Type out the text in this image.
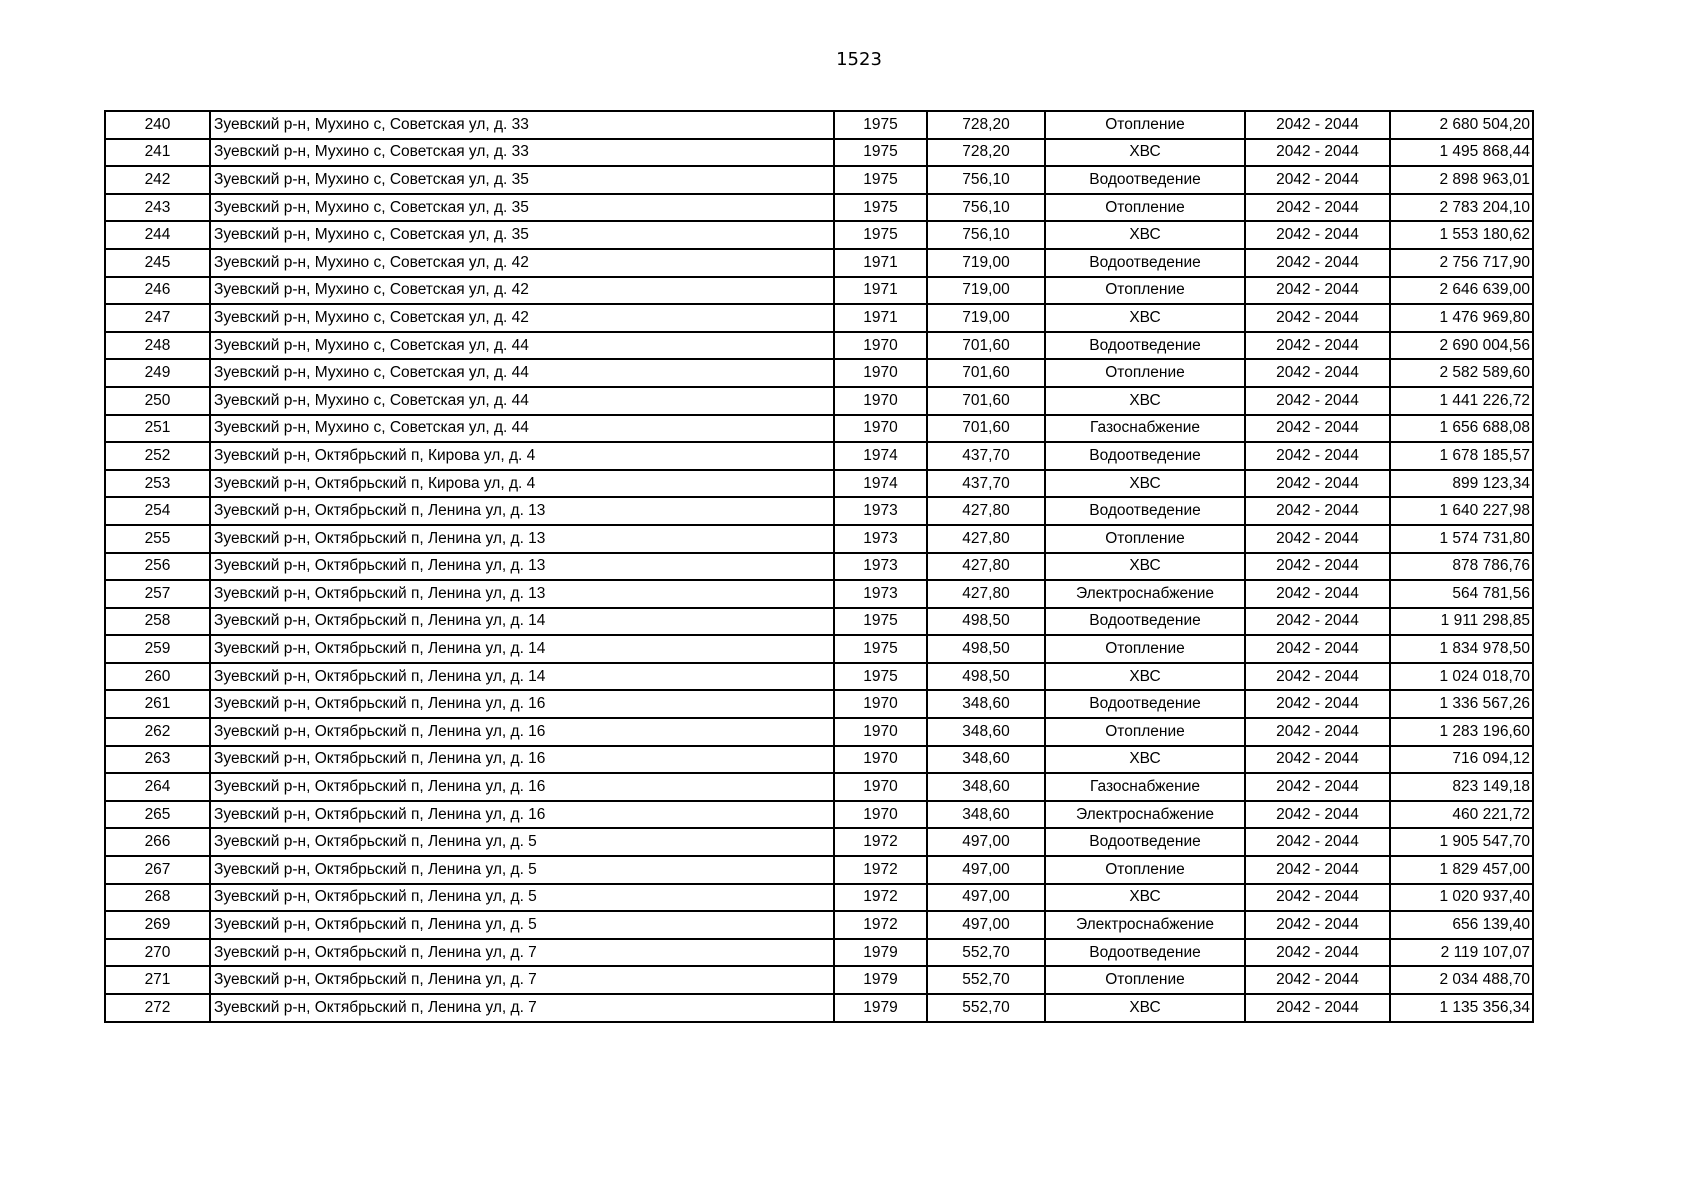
1523
240	Зуевский р-н, Мухино с, Советская ул, д. 33	1975	728,20	Отопление	2042 - 2044	2 680 504,20
241	Зуевский р-н, Мухино с, Советская ул, д. 33	1975	728,20	ХВС	2042 - 2044	1 495 868,44
242	Зуевский р-н, Мухино с, Советская ул, д. 35	1975	756,10	Водоотведение	2042 - 2044	2 898 963,01
243	Зуевский р-н, Мухино с, Советская ул, д. 35	1975	756,10	Отопление	2042 - 2044	2 783 204,10
244	Зуевский р-н, Мухино с, Советская ул, д. 35	1975	756,10	ХВС	2042 - 2044	1 553 180,62
245	Зуевский р-н, Мухино с, Советская ул, д. 42	1971	719,00	Водоотведение	2042 - 2044	2 756 717,90
246	Зуевский р-н, Мухино с, Советская ул, д. 42	1971	719,00	Отопление	2042 - 2044	2 646 639,00
247	Зуевский р-н, Мухино с, Советская ул, д. 42	1971	719,00	ХВС	2042 - 2044	1 476 969,80
248	Зуевский р-н, Мухино с, Советская ул, д. 44	1970	701,60	Водоотведение	2042 - 2044	2 690 004,56
249	Зуевский р-н, Мухино с, Советская ул, д. 44	1970	701,60	Отопление	2042 - 2044	2 582 589,60
250	Зуевский р-н, Мухино с, Советская ул, д. 44	1970	701,60	ХВС	2042 - 2044	1 441 226,72
251	Зуевский р-н, Мухино с, Советская ул, д. 44	1970	701,60	Газоснабжение	2042 - 2044	1 656 688,08
252	Зуевский р-н, Октябрьский п, Кирова ул, д. 4	1974	437,70	Водоотведение	2042 - 2044	1 678 185,57
253	Зуевский р-н, Октябрьский п, Кирова ул, д. 4	1974	437,70	ХВС	2042 - 2044	899 123,34
254	Зуевский р-н, Октябрьский п, Ленина ул, д. 13	1973	427,80	Водоотведение	2042 - 2044	1 640 227,98
255	Зуевский р-н, Октябрьский п, Ленина ул, д. 13	1973	427,80	Отопление	2042 - 2044	1 574 731,80
256	Зуевский р-н, Октябрьский п, Ленина ул, д. 13	1973	427,80	ХВС	2042 - 2044	878 786,76
257	Зуевский р-н, Октябрьский п, Ленина ул, д. 13	1973	427,80	Электроснабжение	2042 - 2044	564 781,56
258	Зуевский р-н, Октябрьский п, Ленина ул, д. 14	1975	498,50	Водоотведение	2042 - 2044	1 911 298,85
259	Зуевский р-н, Октябрьский п, Ленина ул, д. 14	1975	498,50	Отопление	2042 - 2044	1 834 978,50
260	Зуевский р-н, Октябрьский п, Ленина ул, д. 14	1975	498,50	ХВС	2042 - 2044	1 024 018,70
261	Зуевский р-н, Октябрьский п, Ленина ул, д. 16	1970	348,60	Водоотведение	2042 - 2044	1 336 567,26
262	Зуевский р-н, Октябрьский п, Ленина ул, д. 16	1970	348,60	Отопление	2042 - 2044	1 283 196,60
263	Зуевский р-н, Октябрьский п, Ленина ул, д. 16	1970	348,60	ХВС	2042 - 2044	716 094,12
264	Зуевский р-н, Октябрьский п, Ленина ул, д. 16	1970	348,60	Газоснабжение	2042 - 2044	823 149,18
265	Зуевский р-н, Октябрьский п, Ленина ул, д. 16	1970	348,60	Электроснабжение	2042 - 2044	460 221,72
266	Зуевский р-н, Октябрьский п, Ленина ул, д. 5	1972	497,00	Водоотведение	2042 - 2044	1 905 547,70
267	Зуевский р-н, Октябрьский п, Ленина ул, д. 5	1972	497,00	Отопление	2042 - 2044	1 829 457,00
268	Зуевский р-н, Октябрьский п, Ленина ул, д. 5	1972	497,00	ХВС	2042 - 2044	1 020 937,40
269	Зуевский р-н, Октябрьский п, Ленина ул, д. 5	1972	497,00	Электроснабжение	2042 - 2044	656 139,40
270	Зуевский р-н, Октябрьский п, Ленина ул, д. 7	1979	552,70	Водоотведение	2042 - 2044	2 119 107,07
271	Зуевский р-н, Октябрьский п, Ленина ул, д. 7	1979	552,70	Отопление	2042 - 2044	2 034 488,70
272	Зуевский р-н, Октябрьский п, Ленина ул, д. 7	1979	552,70	ХВС	2042 - 2044	1 135 356,34
